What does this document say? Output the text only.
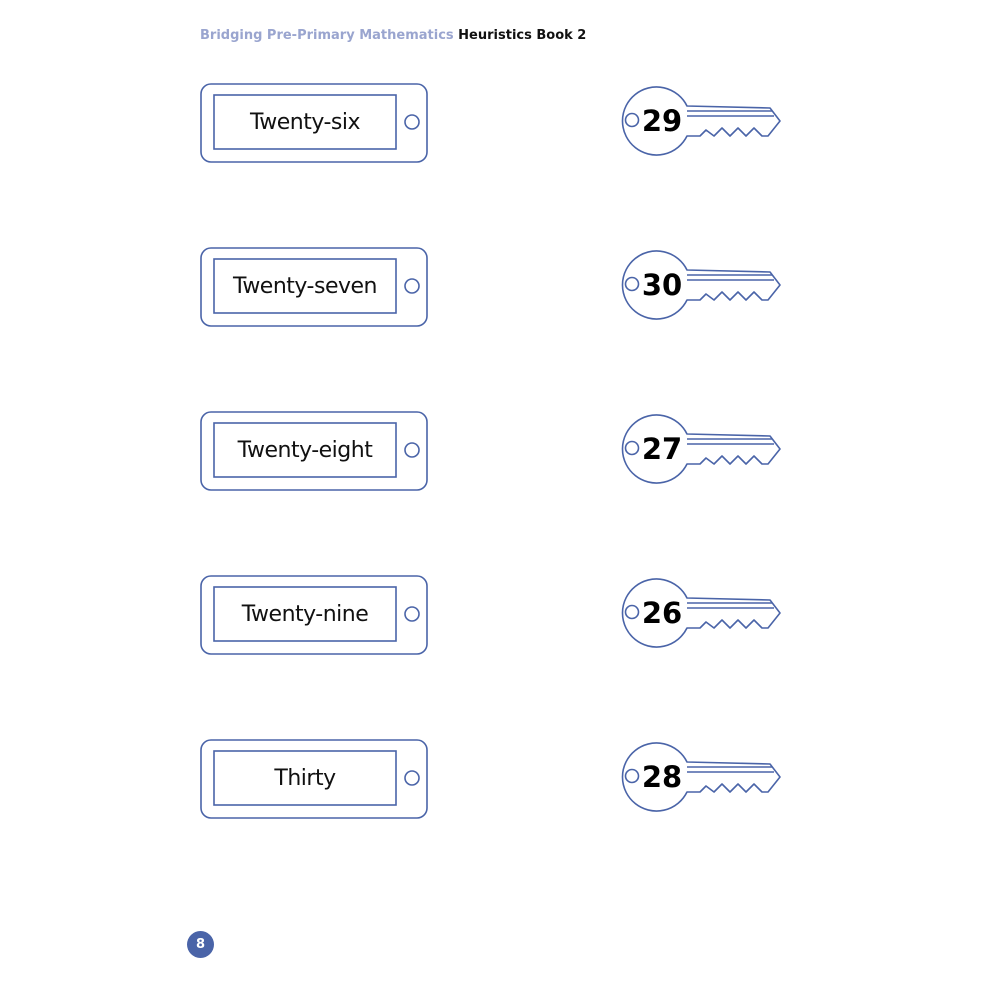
Bridging Pre-Primary Mathematics Heuristics Book 2
Twenty-six	29
Twenty-seven	30
Twenty-eight	27
Twenty-nine	26
Thirty	28
8
